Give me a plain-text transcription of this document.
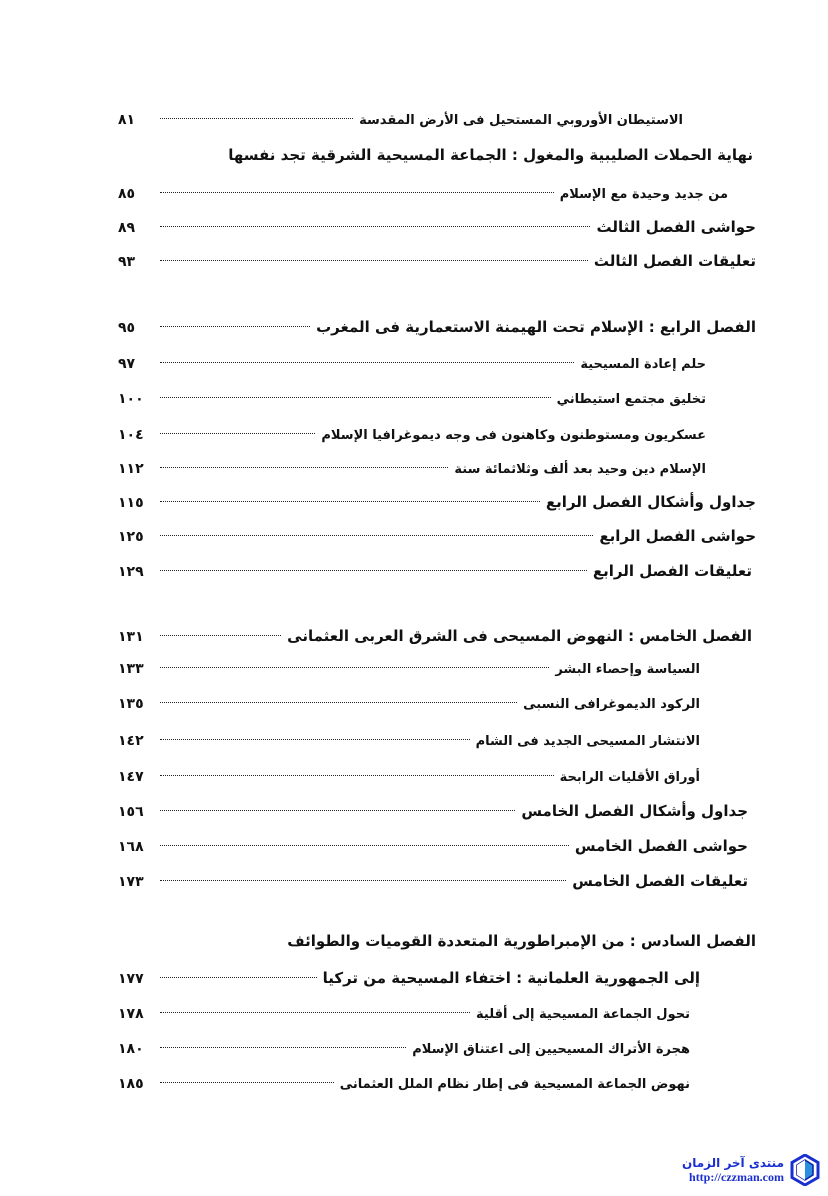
الاستيطان الأوروبي المستحيل فى الأرض المقدسة
٨١
نهاية الحملات الصليبية والمغول : الجماعة المسيحية الشرقية تجد نفسها
من جديد وحيدة مع الإسلام
٨٥
حواشى الفصل الثالث
٨٩
تعليقات الفصل الثالث
٩٣
الفصل الرابع : الإسلام تحت الهيمنة الاستعمارية فى المغرب
٩٥
حلم إعادة المسيحية
٩٧
تخليق مجتمع استيطاني
١٠٠
عسكريون ومستوطنون وكاهنون فى وجه ديموغرافيا الإسلام
١٠٤
الإسلام دين وحيد بعد ألف وثلاثمائة سنة
١١٢
جداول وأشكال الفصل الرابع
١١٥
حواشى الفصل الرابع
١٢٥
تعليقات الفصل الرابع
١٢٩
الفصل الخامس : النهوض المسيحى فى الشرق العربى العثمانى
١٣١
السياسة وإحصاء البشر
١٣٣
الركود الديموغرافى النسبى
١٣٥
الانتشار المسيحى الجديد فى الشام
١٤٢
أوراق الأقليات الرابحة
١٤٧
جداول وأشكال الفصل الخامس
١٥٦
حواشى الفصل الخامس
١٦٨
تعليقات الفصل الخامس
١٧٣
الفصل السادس : من الإمبراطورية المتعددة القوميات والطوائف
إلى الجمهورية العلمانية : اختفاء المسيحية من تركيا
١٧٧
تحول الجماعة المسيحية إلى أقلية
١٧٨
هجرة الأتراك المسيحيين إلى اعتناق الإسلام
١٨٠
نهوض الجماعة المسيحية فى إطار نظام الملل العثمانى
١٨٥
منتدى آخر الزمان
http://czzman.com
